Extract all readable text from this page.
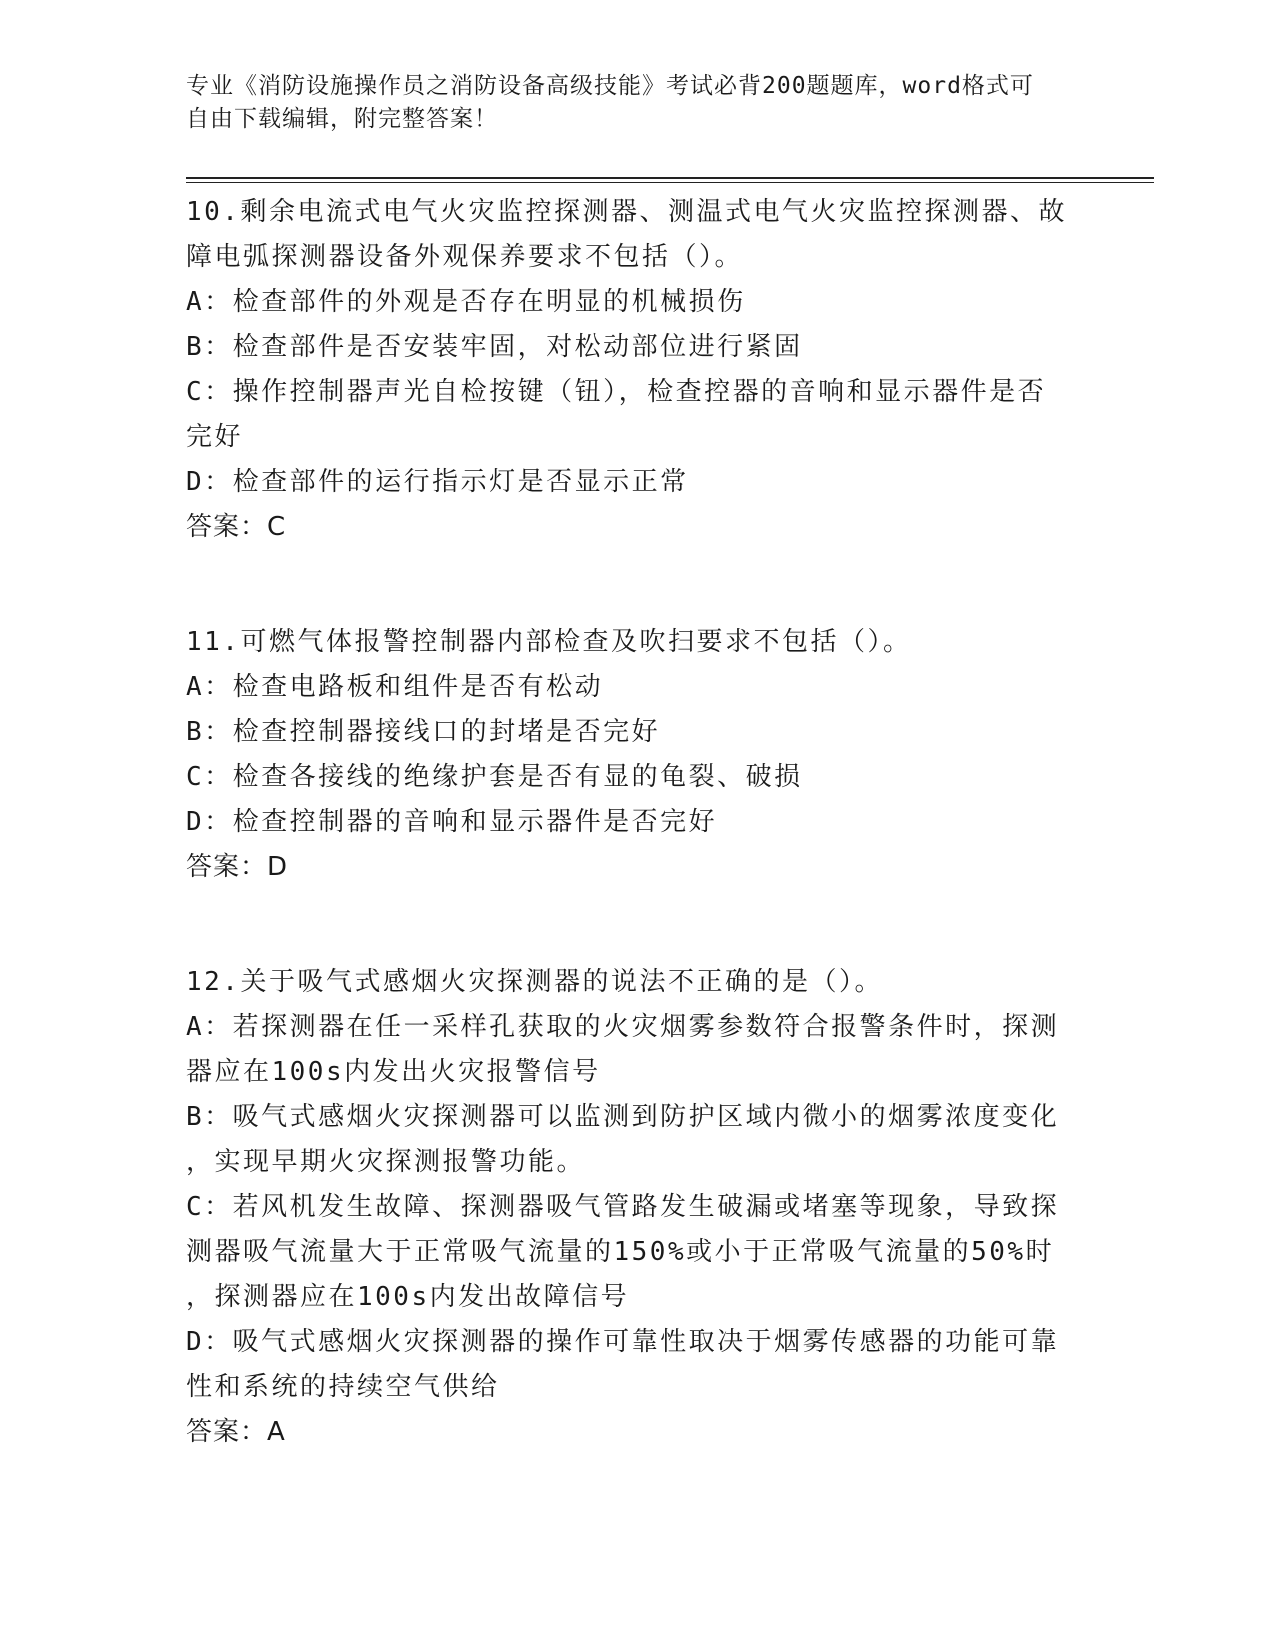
专业《消防设施操作员之消防设备高级技能》考试必背200题题库，word格式可
自由下载编辑，附完整答案！
10.剩余电流式电气火灾监控探测器、测温式电气火灾监控探测器、故
障电弧探测器设备外观保养要求不包括（）。
A：检查部件的外观是否存在明显的机械损伤
B：检查部件是否安装牢固，对松动部位进行紧固
C：操作控制器声光自检按键（钮），检查控器的音响和显示器件是否
完好
D：检查部件的运行指示灯是否显示正常
答案：C
11.可燃气体报警控制器内部检查及吹扫要求不包括（）。
A：检查电路板和组件是否有松动
B：检查控制器接线口的封堵是否完好
C：检查各接线的绝缘护套是否有显的龟裂、破损
D：检查控制器的音响和显示器件是否完好
答案：D
12.关于吸气式感烟火灾探测器的说法不正确的是（）。
A：若探测器在任一采样孔获取的火灾烟雾参数符合报警条件时，探测
器应在100s内发出火灾报警信号
B：吸气式感烟火灾探测器可以监测到防护区域内微小的烟雾浓度变化
，实现早期火灾探测报警功能。
C：若风机发生故障、探测器吸气管路发生破漏或堵塞等现象，导致探
测器吸气流量大于正常吸气流量的150%或小于正常吸气流量的50%时
，探测器应在100s内发出故障信号
D：吸气式感烟火灾探测器的操作可靠性取决于烟雾传感器的功能可靠
性和系统的持续空气供给
答案：A
